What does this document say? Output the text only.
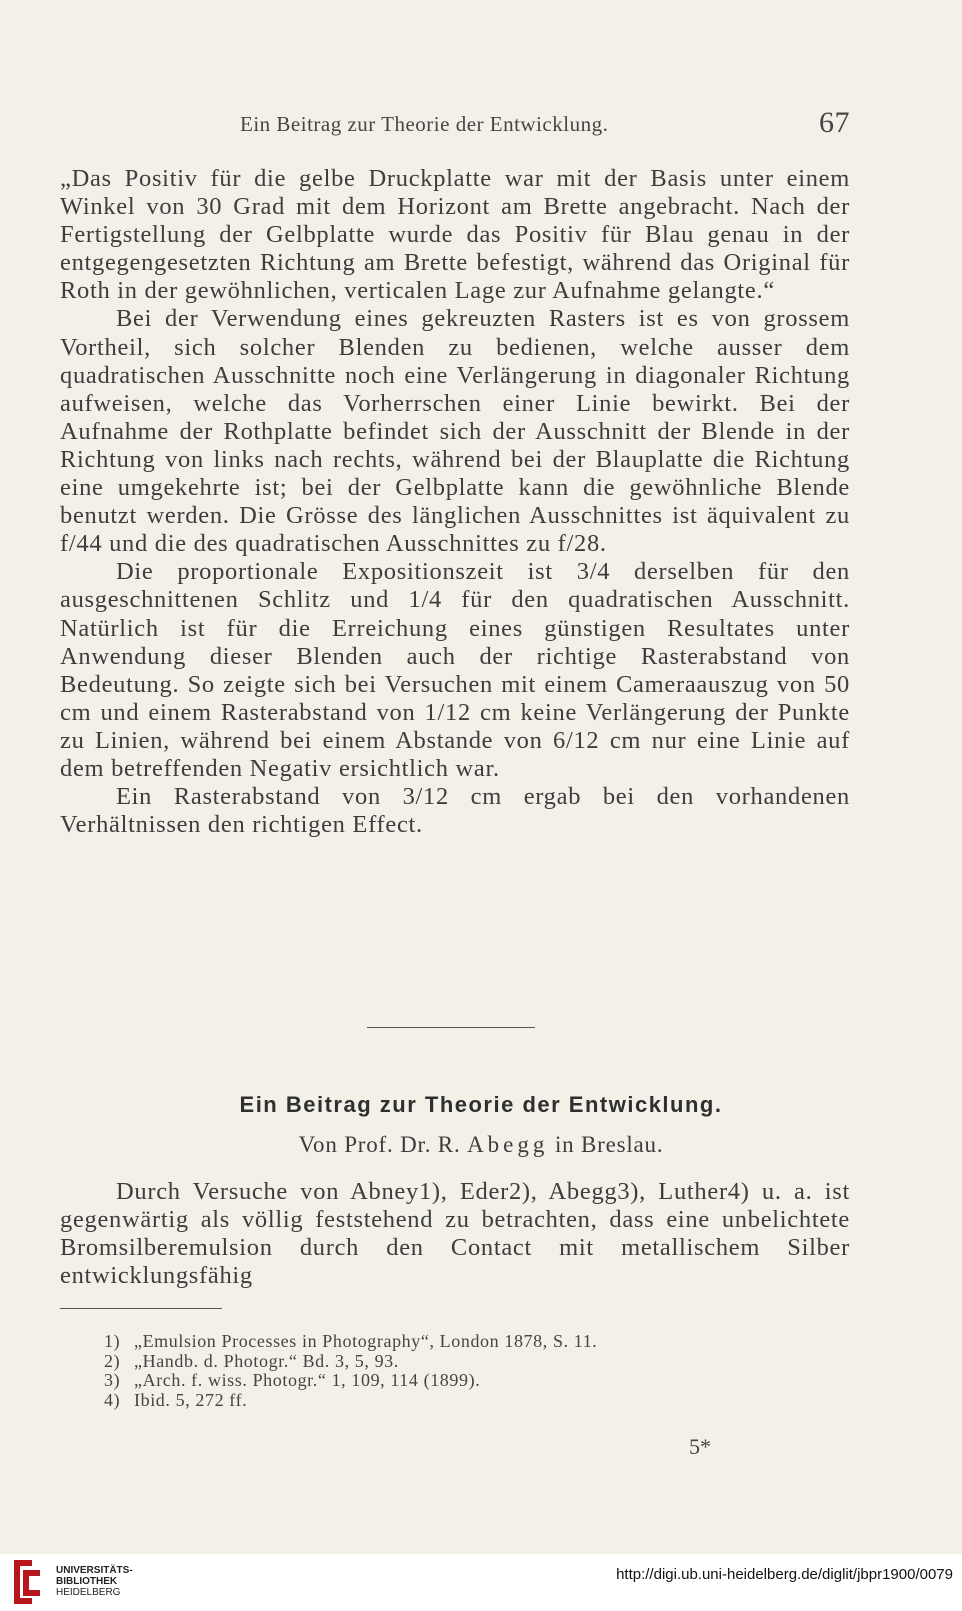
Ein Beitrag zur Theorie der Entwicklung.	67

„Das Positiv für die gelbe Druckplatte war mit der Basis unter einem Winkel von 30 Grad mit dem Horizont am Brette angebracht. Nach der Fertigstellung der Gelbplatte wurde das Positiv für Blau genau in der entgegengesetzten Richtung am Brette befestigt, während das Original für Roth in der gewöhnlichen, verticalen Lage zur Aufnahme gelangte.“

Bei der Verwendung eines gekreuzten Rasters ist es von grossem Vortheil, sich solcher Blenden zu bedienen, welche ausser dem quadratischen Ausschnitte noch eine Verlängerung in diagonaler Richtung aufweisen, welche das Vorherrschen einer Linie bewirkt. Bei der Aufnahme der Rothplatte befindet sich der Ausschnitt der Blende in der Richtung von links nach rechts, während bei der Blauplatte die Richtung eine umgekehrte ist; bei der Gelbplatte kann die gewöhnliche Blende benutzt werden. Die Grösse des länglichen Ausschnittes ist äquivalent zu f/44 und die des quadratischen Ausschnittes zu f/28.

Die proportionale Expositionszeit ist 3/4 derselben für den ausgeschnittenen Schlitz und 1/4 für den quadratischen Ausschnitt. Natürlich ist für die Erreichung eines günstigen Resultates unter Anwendung dieser Blenden auch der richtige Rasterabstand von Bedeutung. So zeigte sich bei Versuchen mit einem Cameraauszug von 50 cm und einem Rasterabstand von 1/12 cm keine Verlängerung der Punkte zu Linien, während bei einem Abstande von 6/12 cm nur eine Linie auf dem betreffenden Negativ ersichtlich war.

Ein Rasterabstand von 3/12 cm ergab bei den vorhandenen Verhältnissen den richtigen Effect.

Ein Beitrag zur Theorie der Entwicklung.
Von Prof. Dr. R. Abegg in Breslau.

Durch Versuche von Abney1), Eder2), Abegg3), Luther4) u. a. ist gegenwärtig als völlig feststehend zu betrachten, dass eine unbelichtete Bromsilberemulsion durch den Contact mit metallischem Silber entwicklungsfähig

1) „Emulsion Processes in Photography“, London 1878, S. 11.
2) „Handb. d. Photogr.“ Bd. 3, 5, 93.
3) „Arch. f. wiss. Photogr.“ 1, 109, 114 (1899).
4) Ibid. 5, 272 ff.
5*
UNIVERSITÄTS-
BIBLIOTHEK
HEIDELBERG
http://digi.ub.uni-heidelberg.de/diglit/jbpr1900/0079
